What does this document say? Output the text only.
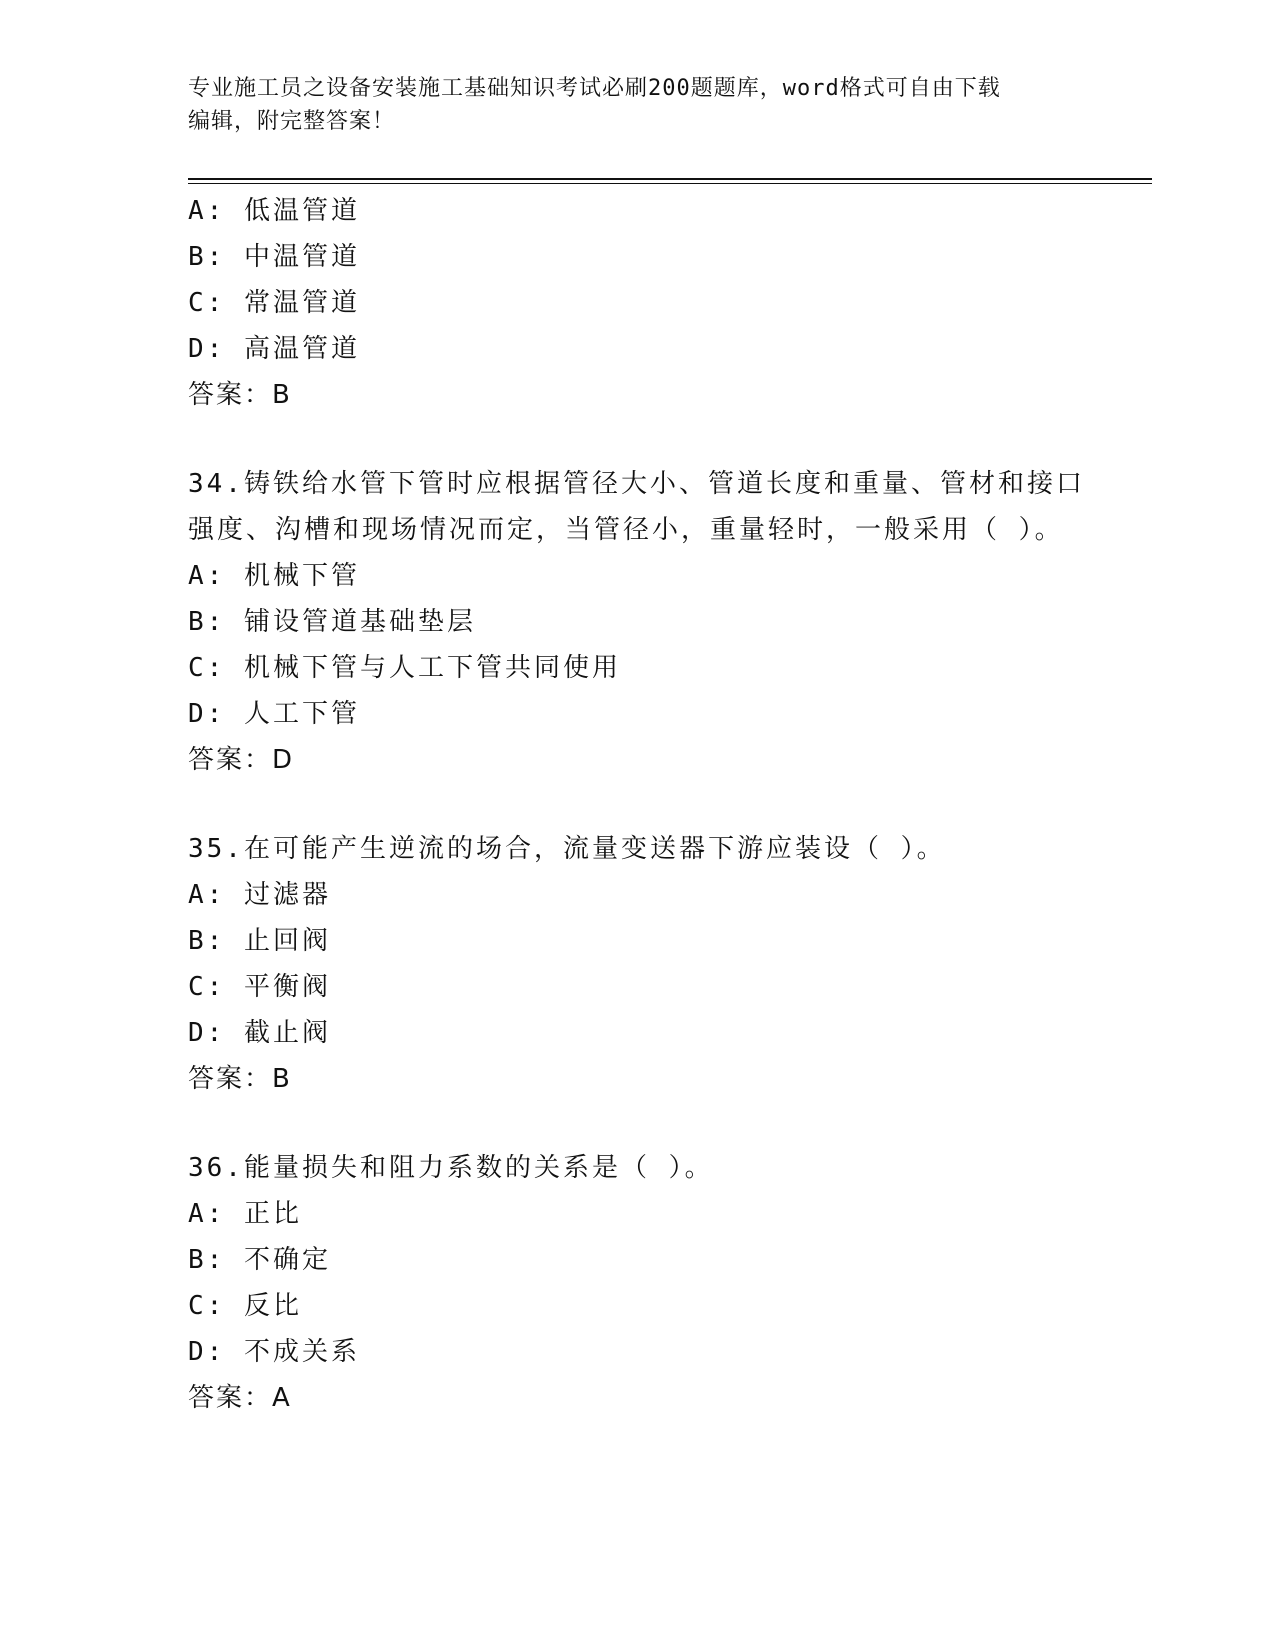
专业施工员之设备安装施工基础知识考试必刷200题题库，word格式可自由下载
编辑，附完整答案！
A: 低温管道
B: 中温管道
C: 常温管道
D: 高温管道
答案：B
34.铸铁给水管下管时应根据管径大小、管道长度和重量、管材和接口
强度、沟槽和现场情况而定，当管径小，重量轻时，一般采用（ ）。
A: 机械下管
B: 铺设管道基础垫层
C: 机械下管与人工下管共同使用
D: 人工下管
答案：D
35.在可能产生逆流的场合，流量变送器下游应装设（ ）。
A: 过滤器
B: 止回阀
C: 平衡阀
D: 截止阀
答案：B
36.能量损失和阻力系数的关系是（ ）。
A: 正比
B: 不确定
C: 反比
D: 不成关系
答案：A
